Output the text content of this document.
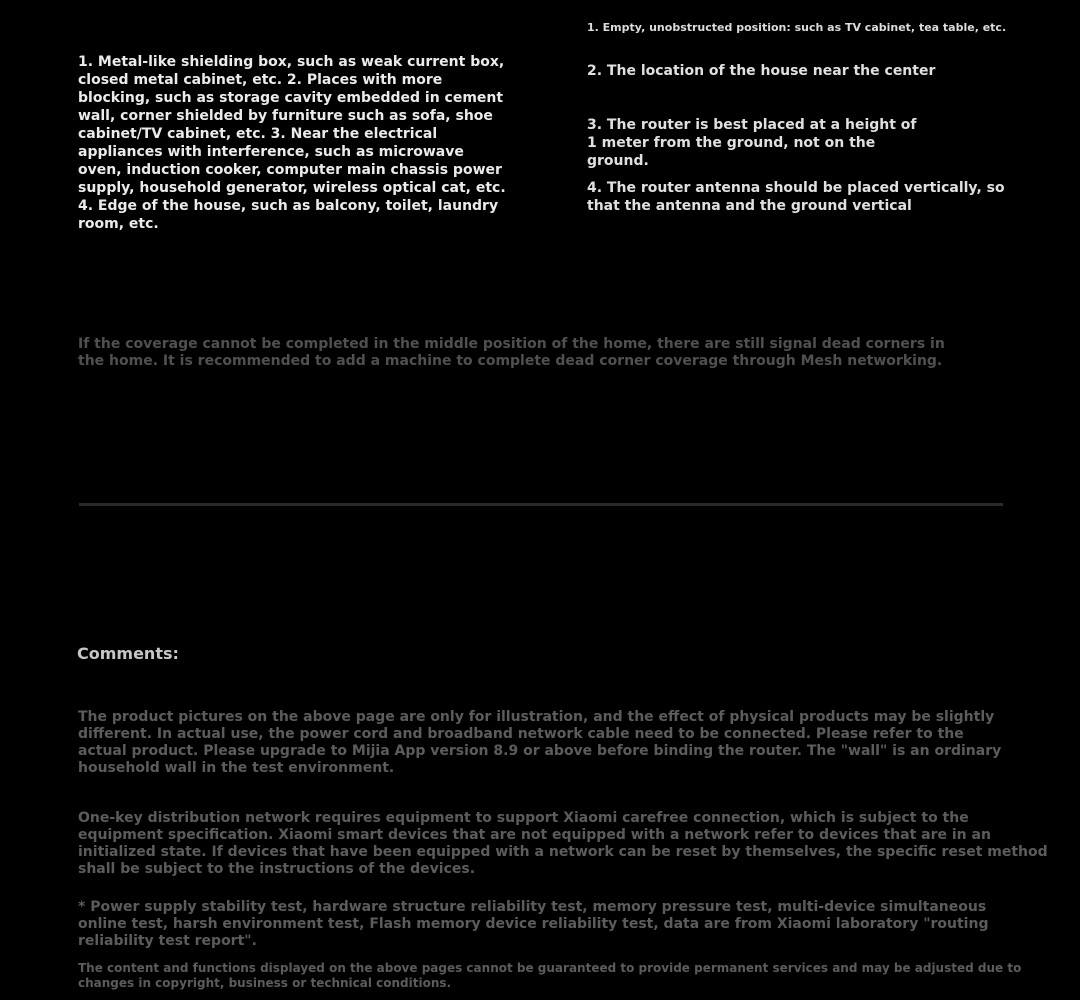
1. Metal-like shielding box, such as weak current box, closed metal cabinet, etc. 2. Places with more blocking, such as storage cavity embedded in cement wall, corner shielded by furniture such as sofa, shoe cabinet/TV cabinet, etc. 3. Near the electrical appliances with interference, such as microwave oven, induction cooker, computer main chassis power supply, household generator, wireless optical cat, etc. 4. Edge of the house, such as balcony, toilet, laundry room, etc.

1. Empty, unobstructed position: such as TV cabinet, tea table, etc.

2. The location of the house near the center

3. The router is best placed at a height of 1 meter from the ground, not on the ground.

4. The router antenna should be placed vertically, so that the antenna and the ground vertical

If the coverage cannot be completed in the middle position of the home, there are still signal dead corners in the home. It is recommended to add a machine to complete dead corner coverage through Mesh networking.

Comments:

The product pictures on the above page are only for illustration, and the effect of physical products may be slightly different. In actual use, the power cord and broadband network cable need to be connected. Please refer to the actual product. Please upgrade to Mijia App version 8.9 or above before binding the router. The "wall" is an ordinary household wall in the test environment.

One-key distribution network requires equipment to support Xiaomi carefree connection, which is subject to the equipment specification. Xiaomi smart devices that are not equipped with a network refer to devices that are in an initialized state. If devices that have been equipped with a network can be reset by themselves, the specific reset method shall be subject to the instructions of the devices.

* Power supply stability test, hardware structure reliability test, memory pressure test, multi-device simultaneous online test, harsh environment test, Flash memory device reliability test, data are from Xiaomi laboratory "routing reliability test report".

The content and functions displayed on the above pages cannot be guaranteed to provide permanent services and may be adjusted due to changes in copyright, business or technical conditions.
